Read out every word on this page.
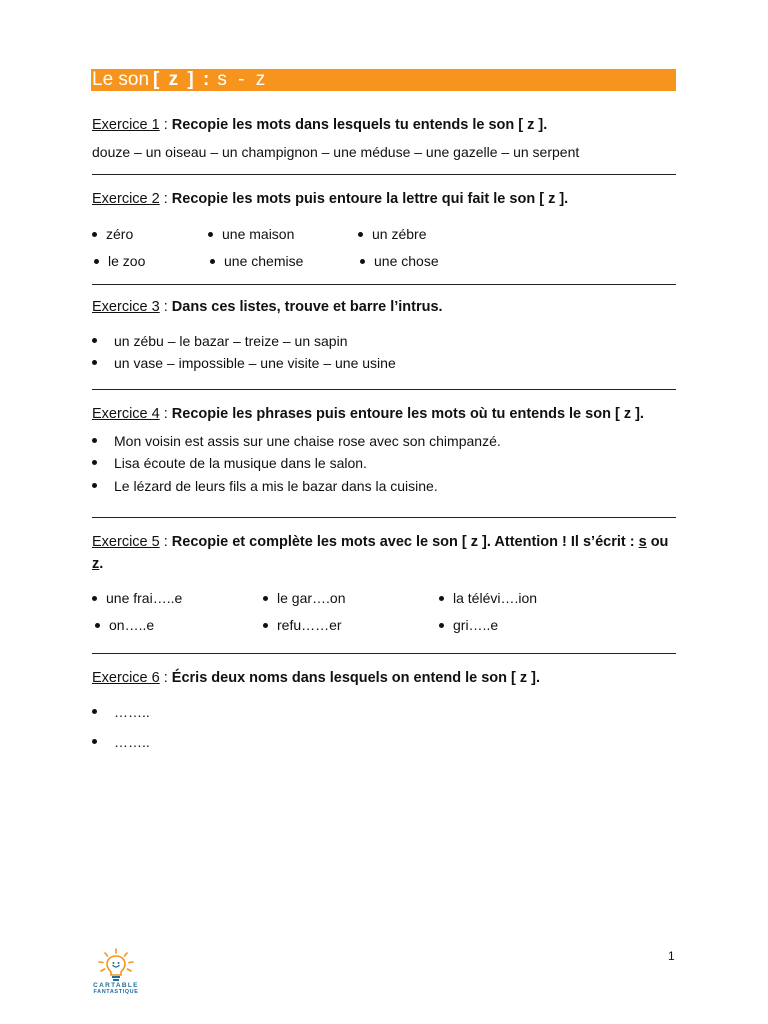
Le son [ z ] : s - z
Exercice 1 : Recopie les mots dans lesquels tu entends le son [ z ].
douze – un oiseau – un champignon – une méduse – une gazelle – un serpent
Exercice 2 : Recopie les mots puis entoure la lettre qui fait le son [ z ].
zéro	une maison	un zébre
le zoo	une chemise	une chose
Exercice 3 : Dans ces listes, trouve et barre l’intrus.
un zébu – le bazar – treize – un sapin
un vase – impossible – une visite – une usine
Exercice 4 : Recopie les phrases puis entoure les mots où tu entends le son [ z ].
Mon voisin est assis sur une chaise rose avec son chimpanzé.
Lisa écoute de la musique dans le salon.
Le lézard de leurs fils a mis le bazar dans la cuisine.
Exercice 5 : Recopie et complète les mots avec le son [ z ]. Attention ! Il s’écrit : s ou
z.
une frai…..e	le gar….on	la télévi….ion
on…..e	refu……er	gri…..e
Exercice 6 : Écris deux noms dans lesquels on entend le son [ z ].
……..
……..
CARTABLE
FANTASTIQUE
1
